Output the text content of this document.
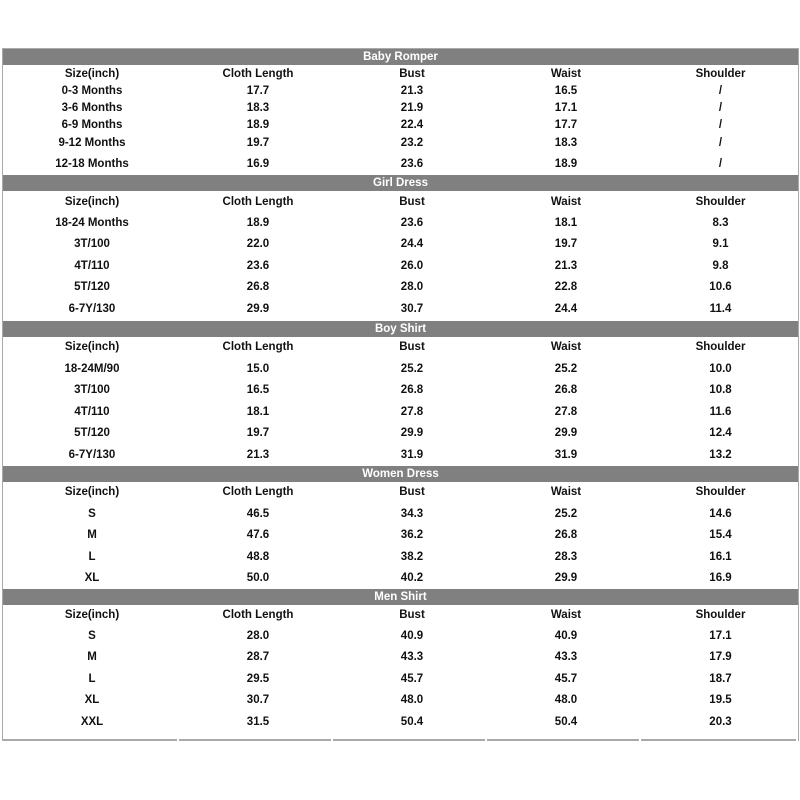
Baby Romper
Size(inch)	Cloth Length	Bust	Waist	Shoulder
0-3 Months	17.7	21.3	16.5	/
3-6 Months	18.3	21.9	17.1	/
6-9 Months	18.9	22.4	17.7	/
9-12 Months	19.7	23.2	18.3	/
12-18 Months	16.9	23.6	18.9	/
Girl Dress
Size(inch)	Cloth Length	Bust	Waist	Shoulder
18-24 Months	18.9	23.6	18.1	8.3
3T/100	22.0	24.4	19.7	9.1
4T/110	23.6	26.0	21.3	9.8
5T/120	26.8	28.0	22.8	10.6
6-7Y/130	29.9	30.7	24.4	11.4
Boy Shirt
Size(inch)	Cloth Length	Bust	Waist	Shoulder
18-24M/90	15.0	25.2	25.2	10.0
3T/100	16.5	26.8	26.8	10.8
4T/110	18.1	27.8	27.8	11.6
5T/120	19.7	29.9	29.9	12.4
6-7Y/130	21.3	31.9	31.9	13.2
Women Dress
Size(inch)	Cloth Length	Bust	Waist	Shoulder
S	46.5	34.3	25.2	14.6
M	47.6	36.2	26.8	15.4
L	48.8	38.2	28.3	16.1
XL	50.0	40.2	29.9	16.9
Men Shirt
Size(inch)	Cloth Length	Bust	Waist	Shoulder
S	28.0	40.9	40.9	17.1
M	28.7	43.3	43.3	17.9
L	29.5	45.7	45.7	18.7
XL	30.7	48.0	48.0	19.5
XXL	31.5	50.4	50.4	20.3
